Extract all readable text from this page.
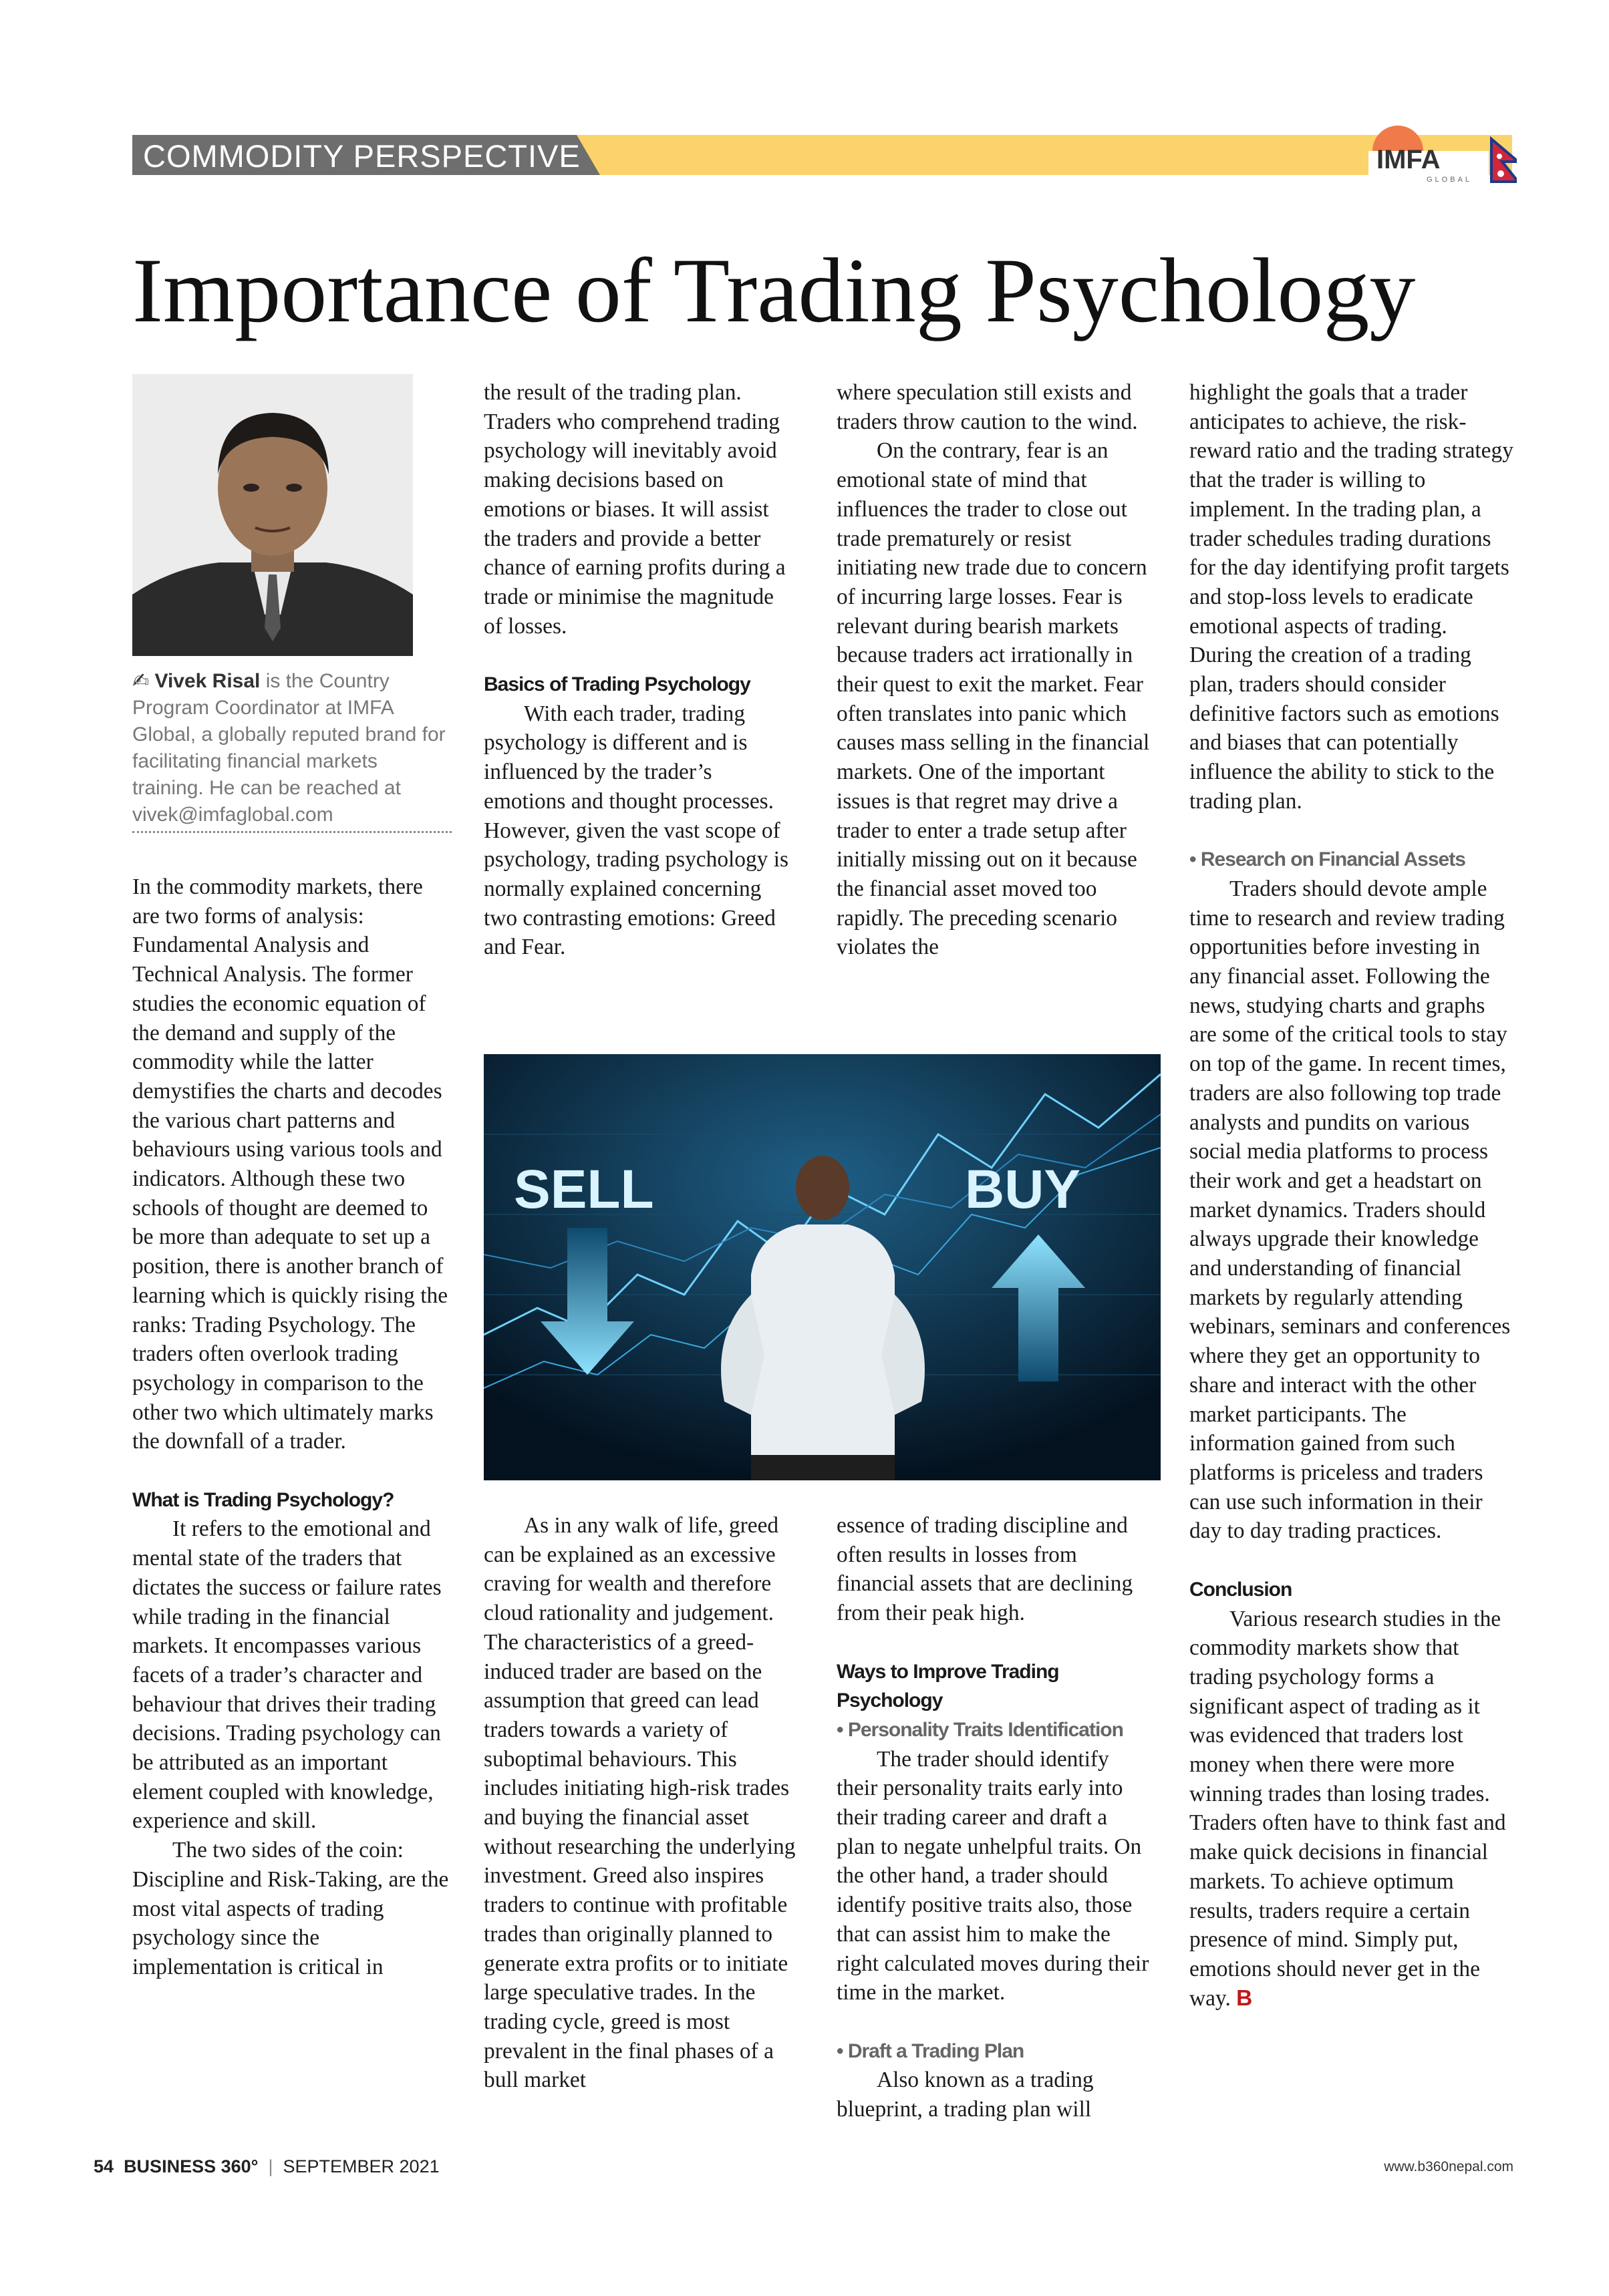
COMMODITY PERSPECTIVE	IMFA
GLOBAL
Importance of Trading Psychology
✍ Vivek Risal is the Country Program Coordinator at IMFA Global, a globally reputed brand for facilitating financial markets training. He can be reached at vivek@imfaglobal.com

In the commodity markets, there are two forms of analysis: Fundamental Analysis and Technical Analysis. The former studies the economic equation of the demand and supply of the commodity while the latter demystifies the charts and decodes the various chart patterns and behaviours using various tools and indicators. Although these two schools of thought are deemed to be more than adequate to set up a position, there is another branch of learning which is quickly rising the ranks: Trading Psychology. The traders often overlook trading psychology in comparison to the other two which ultimately marks the downfall of a trader.

What is Trading Psychology?

It refers to the emotional and mental state of the traders that dictates the success or failure rates while trading in the financial markets. It encompasses various facets of a trader’s character and behaviour that drives their trading decisions. Trading psychology can be attributed as an important element coupled with knowledge, experience and skill.

The two sides of the coin: Discipline and Risk-Taking, are the most vital aspects of trading psychology since the implementation is critical in

the result of the trading plan. Traders who comprehend trading psychology will inevitably avoid making decisions based on emotions or biases. It will assist the traders and provide a better chance of earning profits during a trade or minimise the magnitude of losses.

Basics of Trading Psychology

With each trader, trading psychology is different and is influenced by the trader’s emotions and thought processes. However, given the vast scope of psychology, trading psychology is normally explained concerning two contrasting emotions: Greed and Fear.

where speculation still exists and traders throw caution to the wind.

On the contrary, fear is an emotional state of mind that influences the trader to close out trade prematurely or resist initiating new trade due to concern of incurring large losses. Fear is relevant during bearish markets because traders act irrationally in their quest to exit the market. Fear often translates into panic which causes mass selling in the financial markets. One of the important issues is that regret may drive a trader to enter a trade setup after initially missing out on it because the financial asset moved too rapidly. The preceding scenario violates the

SELL	BUY

As in any walk of life, greed can be explained as an excessive craving for wealth and therefore cloud rationality and judgement. The characteristics of a greed-induced trader are based on the assumption that greed can lead traders towards a variety of suboptimal behaviours. This includes initiating high-risk trades and buying the financial asset without researching the underlying investment. Greed also inspires traders to continue with profitable trades than originally planned to generate extra profits or to initiate large speculative trades. In the trading cycle, greed is most prevalent in the final phases of a bull market

essence of trading discipline and often results in losses from financial assets that are declining from their peak high.

Ways to Improve Trading Psychology

• Personality Traits Identification

The trader should identify their personality traits early into their trading career and draft a plan to negate unhelpful traits. On the other hand, a trader should identify positive traits also, those that can assist him to make the right calculated moves during their time in the market.

• Draft a Trading Plan

Also known as a trading blueprint, a trading plan will

highlight the goals that a trader anticipates to achieve, the risk-reward ratio and the trading strategy that the trader is willing to implement. In the trading plan, a trader schedules trading durations for the day identifying profit targets and stop-loss levels to eradicate emotional aspects of trading. During the creation of a trading plan, traders should consider definitive factors such as emotions and biases that can potentially influence the ability to stick to the trading plan.

• Research on Financial Assets

Traders should devote ample time to research and review trading opportunities before investing in any financial asset. Following the news, studying charts and graphs are some of the critical tools to stay on top of the game. In recent times, traders are also following top trade analysts and pundits on various social media platforms to process their work and get a headstart on market dynamics. Traders should always upgrade their knowledge and understanding of financial markets by regularly attending webinars, seminars and conferences where they get an opportunity to share and interact with the other market participants. The information gained from such platforms is priceless and traders can use such information in their day to day trading practices.

Conclusion

Various research studies in the commodity markets show that trading psychology forms a significant aspect of trading as it was evidenced that traders lost money when there were more winning trades than losing trades. Traders often have to think fast and make quick decisions in financial markets. To achieve optimum results, traders require a certain presence of mind. Simply put, emotions should never get in the way. B

54 BUSINESS 360° | SEPTEMBER 2021	www.b360nepal.com
